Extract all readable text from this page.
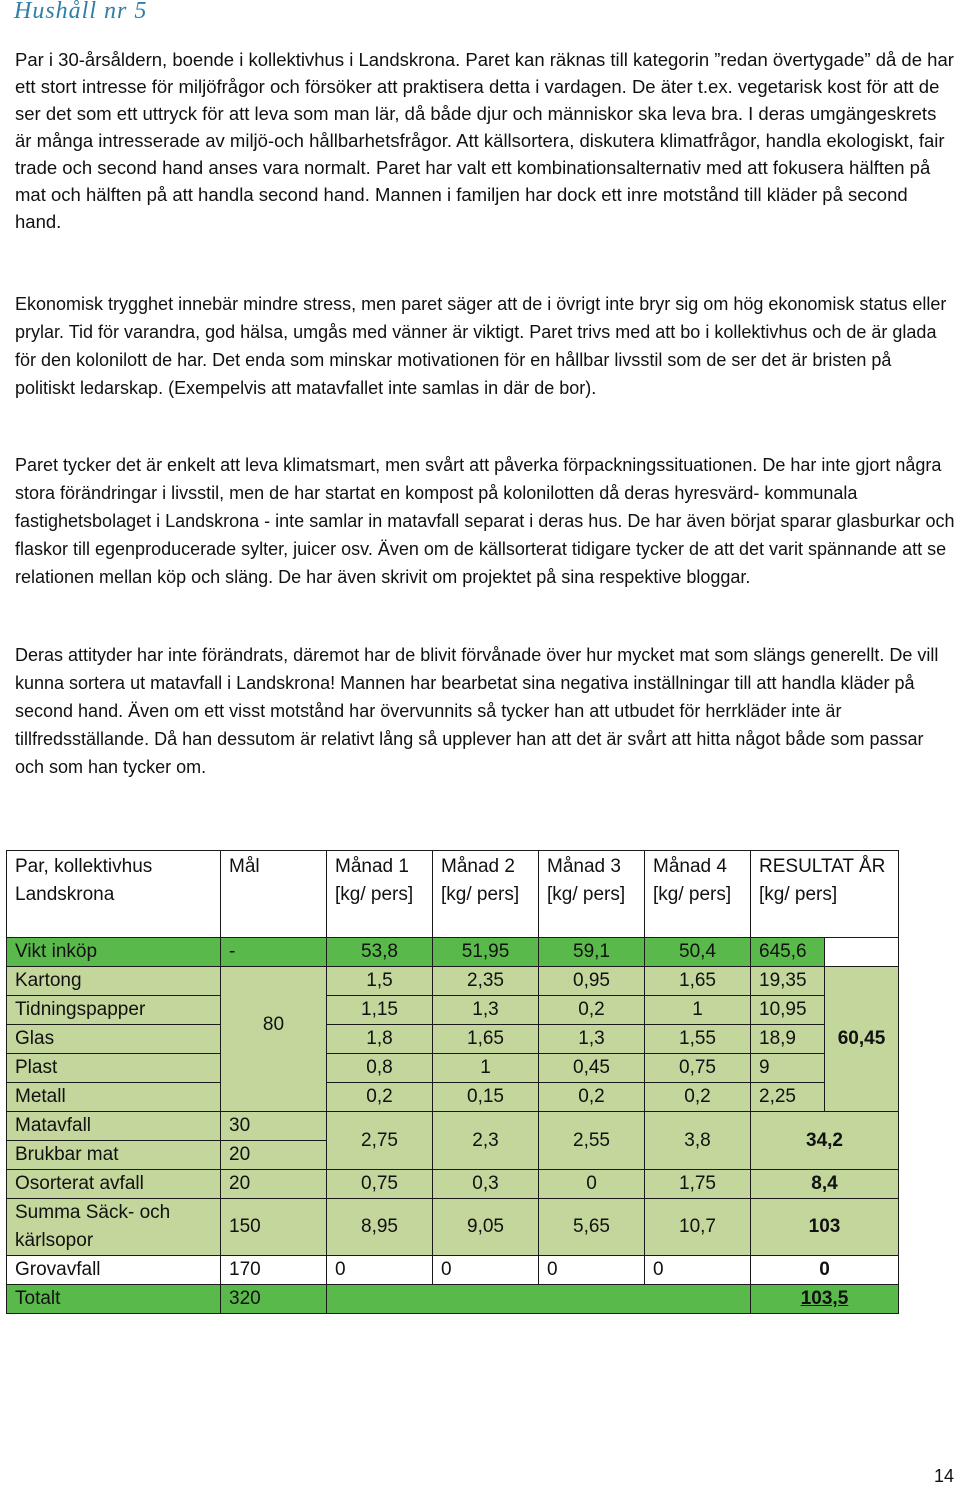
Hushåll nr 5

Par i 30-årsåldern, boende i kollektivhus i Landskrona. Paret kan räknas till kategorin ”redan övertygade” då de har ett stort intresse för miljöfrågor och försöker att praktisera detta i vardagen. De äter t.ex. vegetarisk kost för att de ser det som ett uttryck för att leva som man lär, då både djur och människor ska leva bra. I deras umgängeskrets är många intresserade av miljö-och hållbarhetsfrågor. Att källsortera, diskutera klimatfrågor, handla ekologiskt, fair trade och second hand anses vara normalt. Paret har valt ett kombinationsalternativ med att fokusera hälften på mat och hälften på att handla second hand. Mannen i familjen har dock ett inre motstånd till kläder på second hand.

Ekonomisk trygghet innebär mindre stress, men paret säger att de i övrigt inte bryr sig om hög ekonomisk status eller prylar. Tid för varandra, god hälsa, umgås med vänner är viktigt. Paret trivs med att bo i kollektivhus och de är glada för den kolonilott de har. Det enda som minskar motivationen för en hållbar livsstil som de ser det är bristen på politiskt ledarskap. (Exempelvis att matavfallet inte samlas in där de bor).

Paret tycker det är enkelt att leva klimatsmart, men svårt att påverka förpackningssituationen. De har inte gjort några stora förändringar i livsstil, men de har startat en kompost på kolonilotten då deras hyresvärd- kommunala fastighetsbolaget i Landskrona - inte samlar in matavfall separat i deras hus. De har även börjat sparar glasburkar och flaskor till egenproducerade sylter, juicer osv. Även om de källsorterat tidigare tycker de att det varit spännande att se relationen mellan köp och släng. De har även skrivit om projektet på sina respektive bloggar.

Deras attityder har inte förändrats, däremot har de blivit förvånade över hur mycket mat som slängs generellt. De vill kunna sortera ut matavfall i Landskrona! Mannen har bearbetat sina negativa inställningar till att handla kläder på second hand. Även om ett visst motstånd har övervunnits så tycker han att utbudet för herrkläder inte är tillfredsställande. Då han dessutom är relativt lång så upplever han att det är svårt att hitta något både som passar och som han tycker om.

Par, kollektivhus Landskrona	Mål	Månad 1 [kg/ pers]	Månad 2 [kg/ pers]	Månad 3 [kg/ pers]	Månad 4 [kg/ pers]	RESULTAT ÅR [kg/ pers]	
Vikt inköp	-	53,8	51,95	59,1	50,4	645,6	
Kartong	80	1,5	2,35	0,95	1,65	19,35	60,45
Tidningspapper		1,15	1,3	0,2	1	10,95	
Glas		1,8	1,65	1,3	1,55	18,9	
Plast		0,8	1	0,45	0,75	9	
Metall		0,2	0,15	0,2	0,2	2,25	
Matavfall	30	2,75	2,3	2,55	3,8	34,2	
Brukbar mat	20						
Osorterat avfall	20	0,75	0,3	0	1,75	8,4	
Summa Säck- och kärlsopor	150	8,95	9,05	5,65	10,7	103	
Grovavfall	170	0	0	0	0	0	
Totalt	320					103,5	
14
